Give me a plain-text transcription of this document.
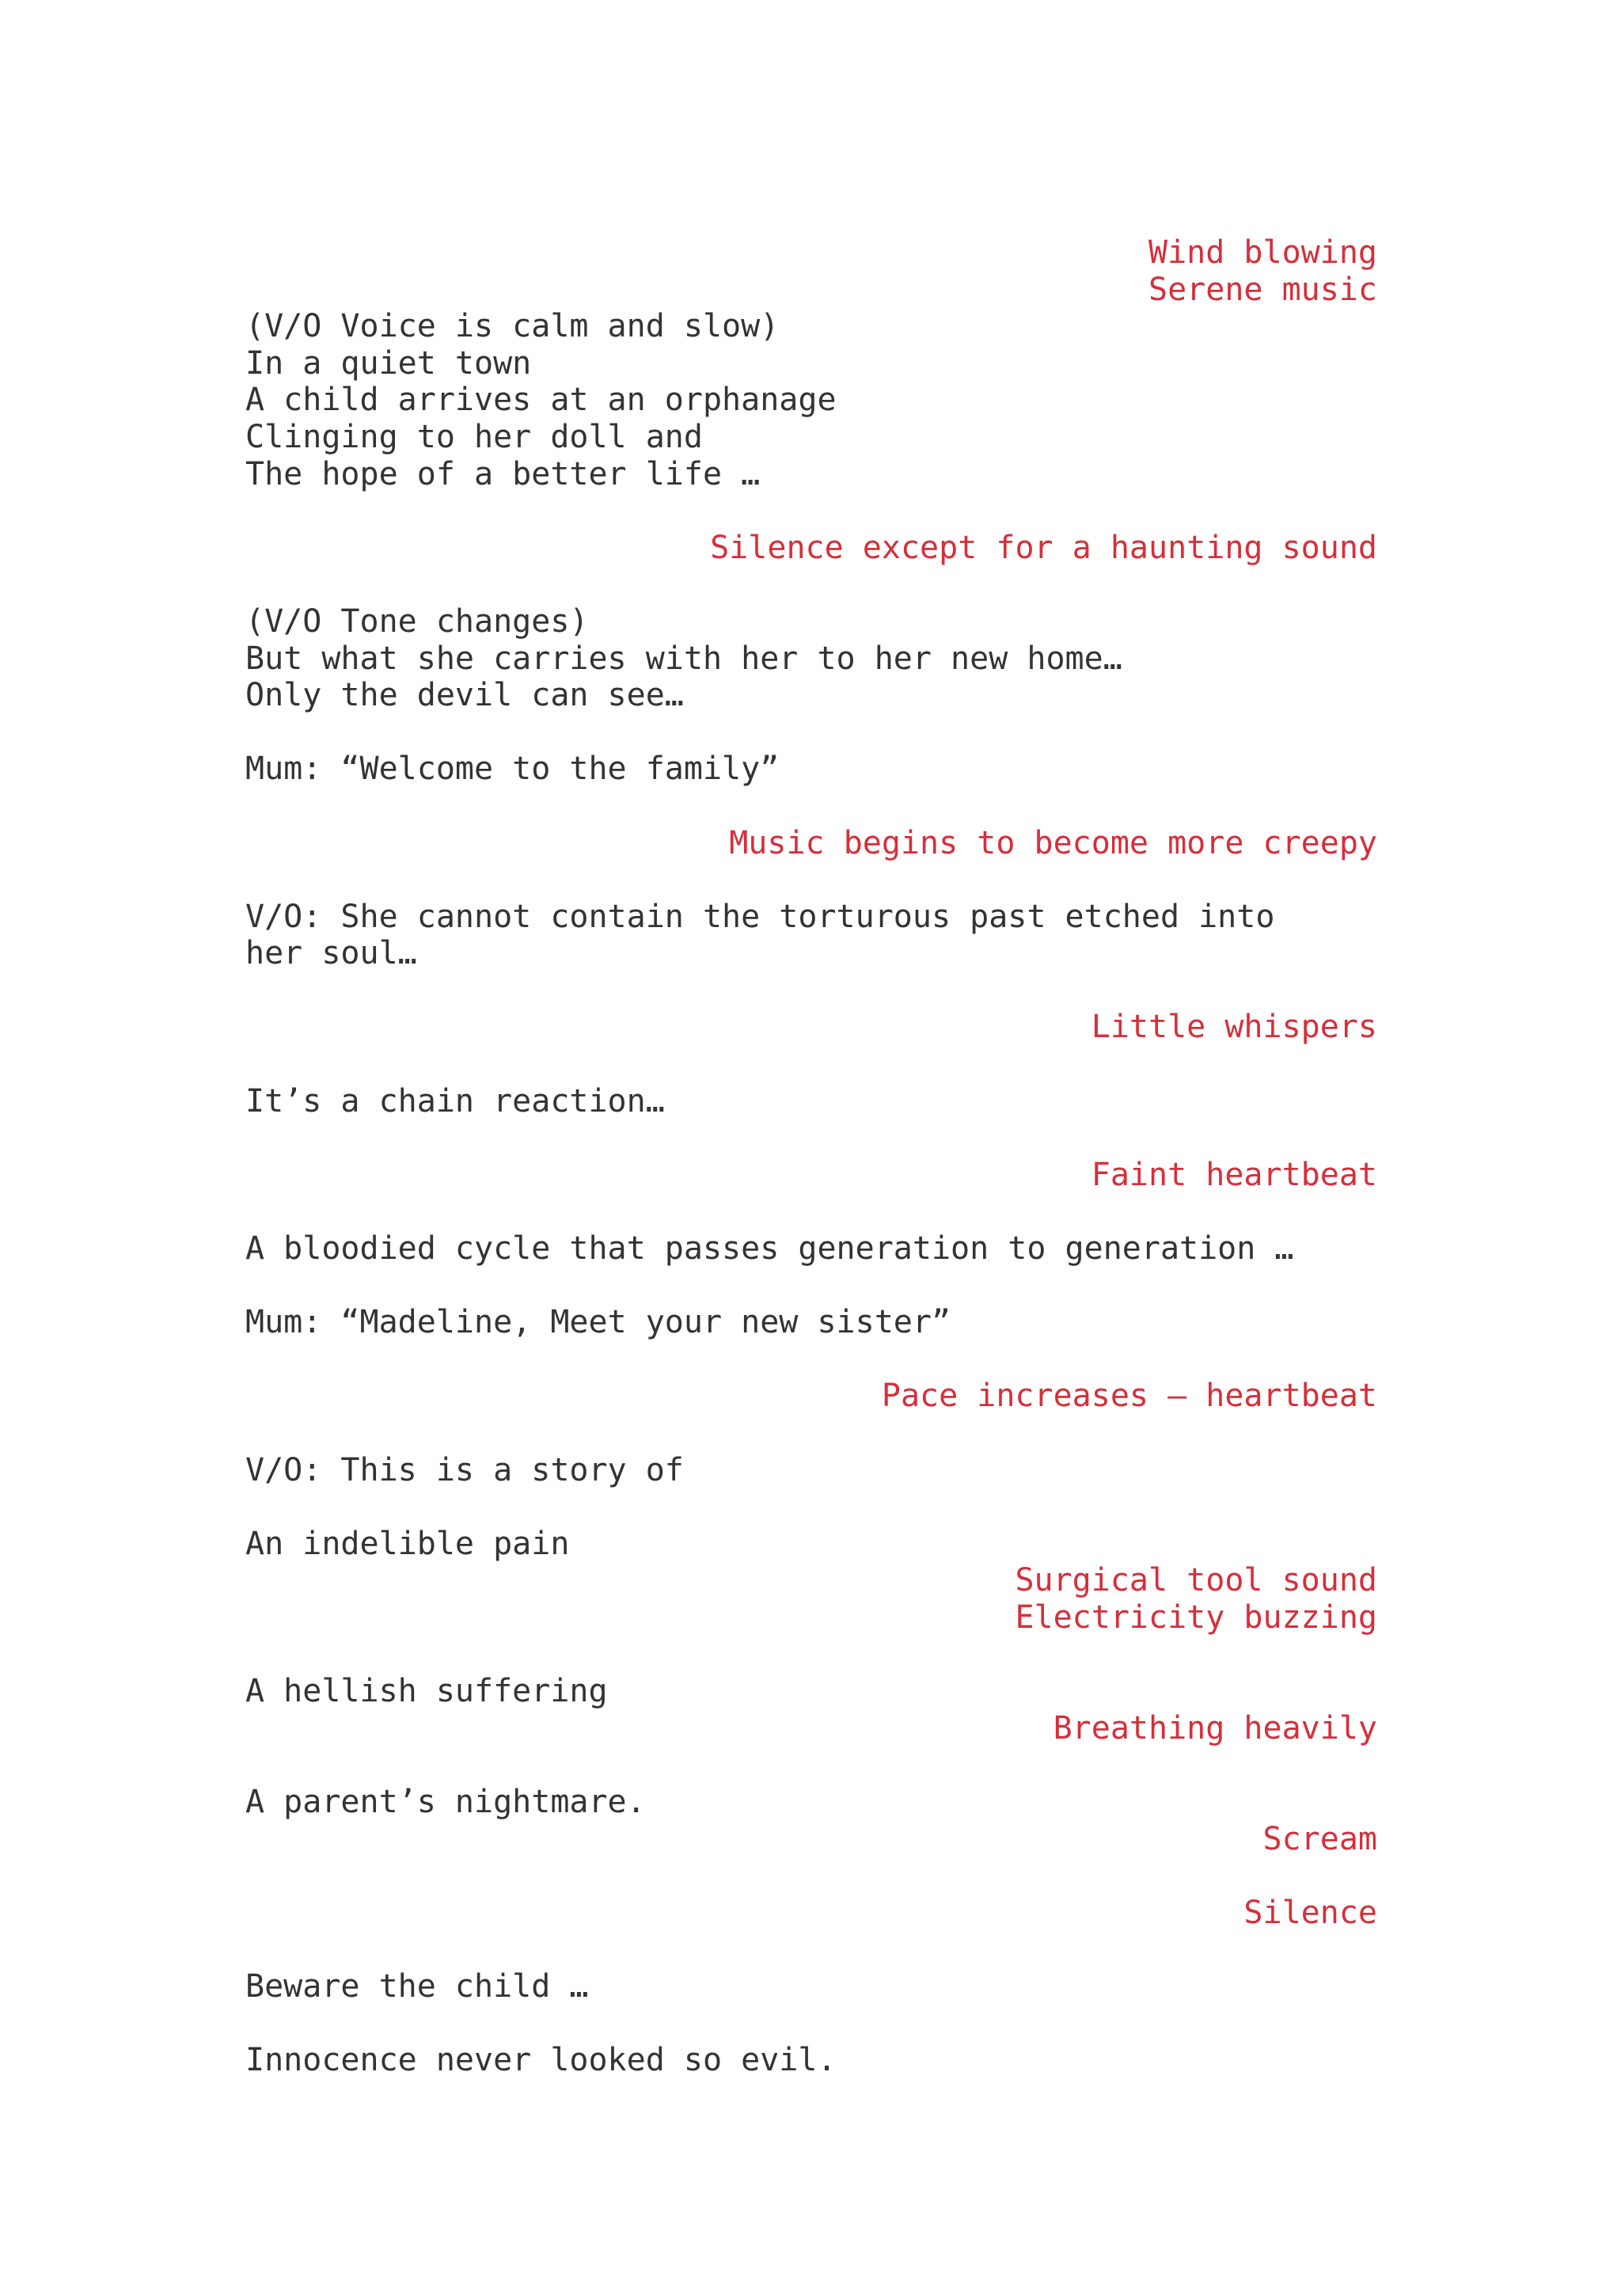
Wind blowing
Serene music
(V/O Voice is calm and slow)
In a quiet town
A child arrives at an orphanage
Clinging to her doll and
The hope of a better life …
Silence except for a haunting sound
(V/O Tone changes)
But what she carries with her to her new home…
Only the devil can see…
Mum: “Welcome to the family”
Music begins to become more creepy
V/O: She cannot contain the torturous past etched into
her soul…
Little whispers
It’s a chain reaction…
Faint heartbeat
A bloodied cycle that passes generation to generation …
Mum: “Madeline, Meet your new sister”
Pace increases – heartbeat
V/O: This is a story of
An indelible pain
Surgical tool sound
Electricity buzzing
A hellish suffering
Breathing heavily
A parent’s nightmare.
Scream
Silence
Beware the child …
Innocence never looked so evil.
